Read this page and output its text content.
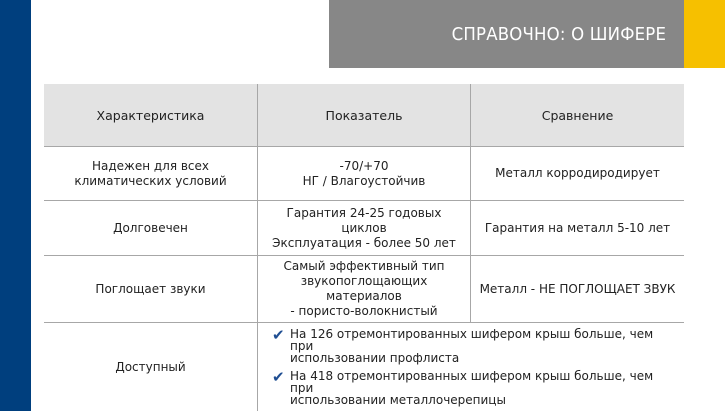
СПРАВОЧНО: О ШИФЕРЕ
Характеристика	Показатель	Сравнение
Надежен для всех
климатических условий
-70/+70
НГ / Влагоустойчив
Металл корродиродирует
Долговечен
Гарантия 24-25 годовых циклов
Эксплуатация - более 50 лет
Гарантия на металл 5-10 лет
Поглощает звуки
Самый эффективный тип
звукопоглощающих материалов
- пористо-волокнистый
Металл - НЕ ПОГЛОЩАЕТ ЗВУК
Доступный
✔ На 126 отремонтированных шифером крыш больше, чем при
использовании профлиста
✔ На 418 отремонтированных шифером крыш больше, чем при
использовании металлочерепицы
